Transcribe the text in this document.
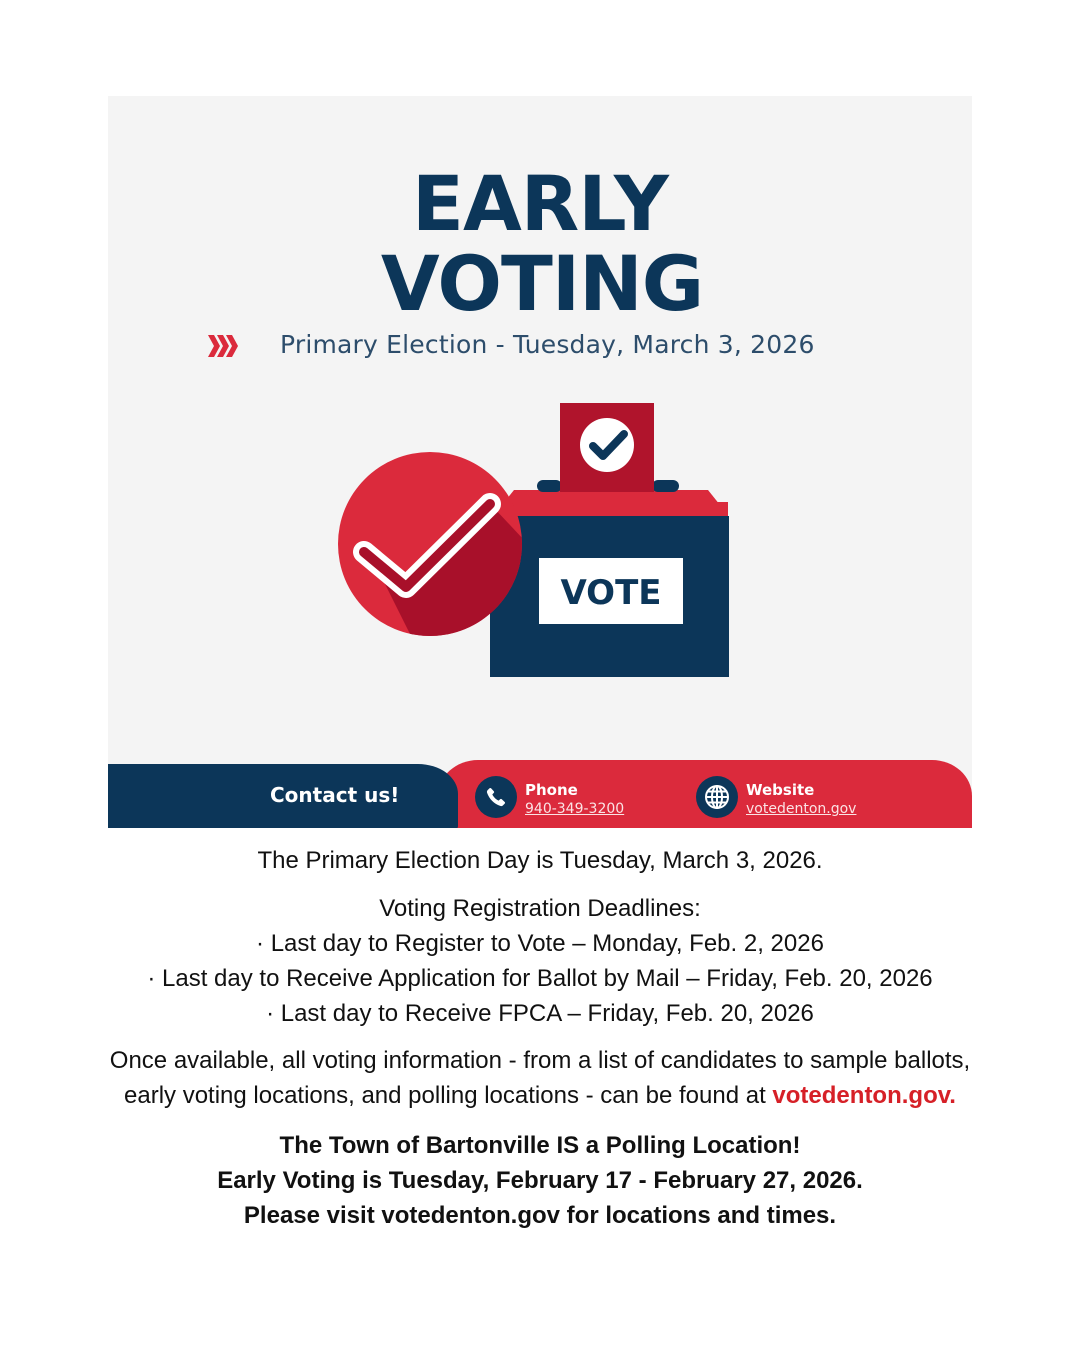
EARLY
VOTING
Primary Election - Tuesday, March 3, 2026
VOTE
Contact us!	Phone
940-349-3200
Website
votedenton.gov
The Primary Election Day is Tuesday, March 3, 2026.
Voting Registration Deadlines:
· Last day to Register to Vote – Monday, Feb. 2, 2026
· Last day to Receive Application for Ballot by Mail – Friday, Feb. 20, 2026
· Last day to Receive FPCA – Friday, Feb. 20, 2026
Once available, all voting information - from a list of candidates to sample ballots,
early voting locations, and polling locations - can be found at votedenton.gov.
The Town of Bartonville IS a Polling Location!
Early Voting is Tuesday, February 17 - February 27, 2026.
Please visit votedenton.gov for locations and times.
